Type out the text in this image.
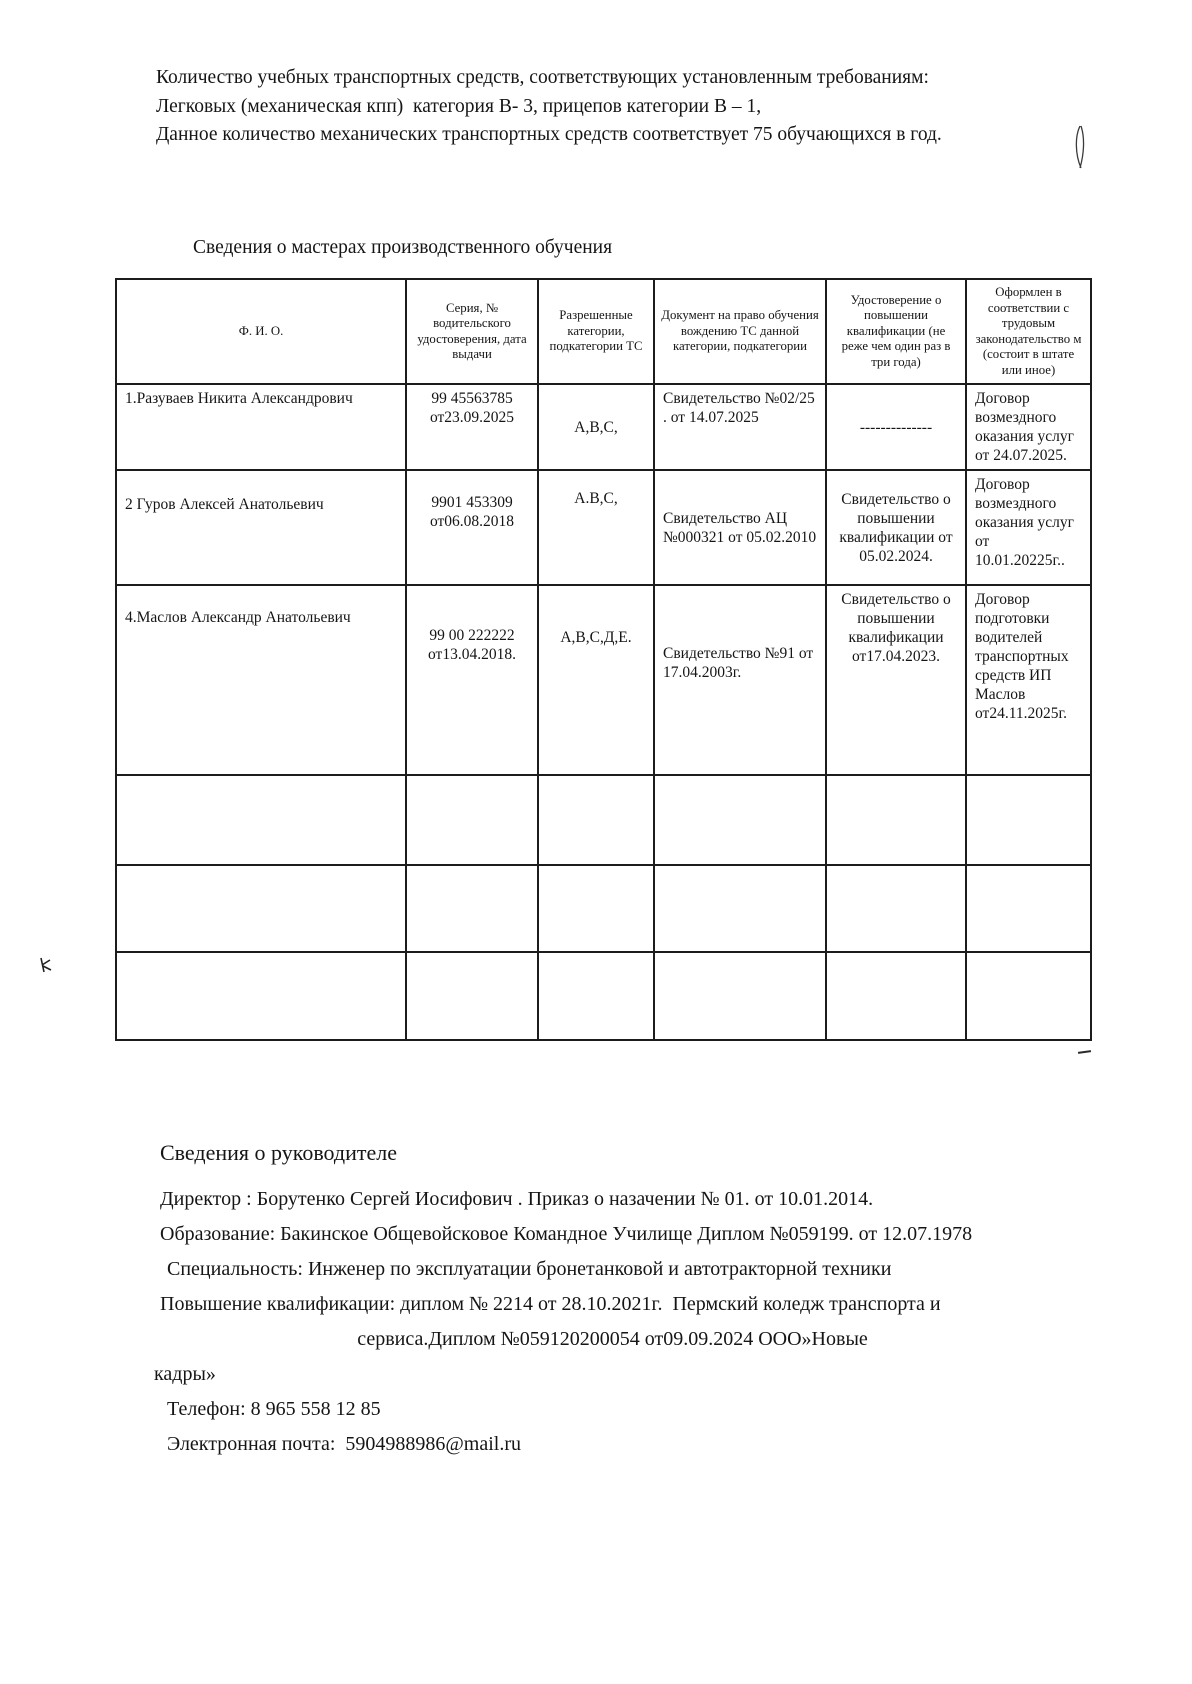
Количество учебных транспортных средств, соответствующих установленным требованиям:
Легковых (механическая кпп)  категория В- 3, прицепов категории В – 1,
Данное количество механических транспортных средств соответствует 75 обучающихся в год.
Сведения о мастерах производственного обучения
Ф. И. О.	Серия, № водительского удостоверения, дата выдачи	Разрешенные категории, подкатегории ТС	Документ на право обучения вождению ТС данной категории, подкатегории	Удостоверение о повышении квалификации (не реже чем один раз в три года)	Оформлен в соответствии с трудовым законодательство м (состоит в штате или иное)
1.Разуваев Никита Александрович	99 45563785 от23.09.2025	А,В,С,	Свидетельство №02/25 . от 14.07.2025	--------------	Договор возмездного оказания услуг от 24.07.2025.
2 Гуров Алексей Анатольевич	9901 453309 от06.08.2018	А.В,С,	Свидетельство АЦ №000321 от 05.02.2010	Свидетельство о повышении квалификации от 05.02.2024.	Договор возмездного оказания услуг от 10.01.20225г..
4.Маслов Александр Анатольевич	99 00 222222 от13.04.2018.	А,В,С,Д,Е.	Свидетельство №91 от 17.04.2003г.	Свидетельство о повышении квалификации от17.04.2023.	Договор подготовки водителей транспортных средств ИП Маслов от24.11.2025г.

Сведения о руководителе

Директор : Борутенко Сергей Иосифович . Приказ о назачении № 01. от 10.01.2014.

Образование: Бакинское Общевойсковое Командное Училище Диплом №059199. от 12.07.1978

Специальность: Инженер по эксплуатации бронетанковой и автотракторной техники

Повышение квалификации: диплом № 2214 от 28.10.2021г.  Пермский коледж транспорта и

сервиса.Диплом №059120200054 от09.09.2024 ООО»Новые

кадры»

Телефон: 8 965 558 12 85

Электронная почта:  5904988986@mail.ru
